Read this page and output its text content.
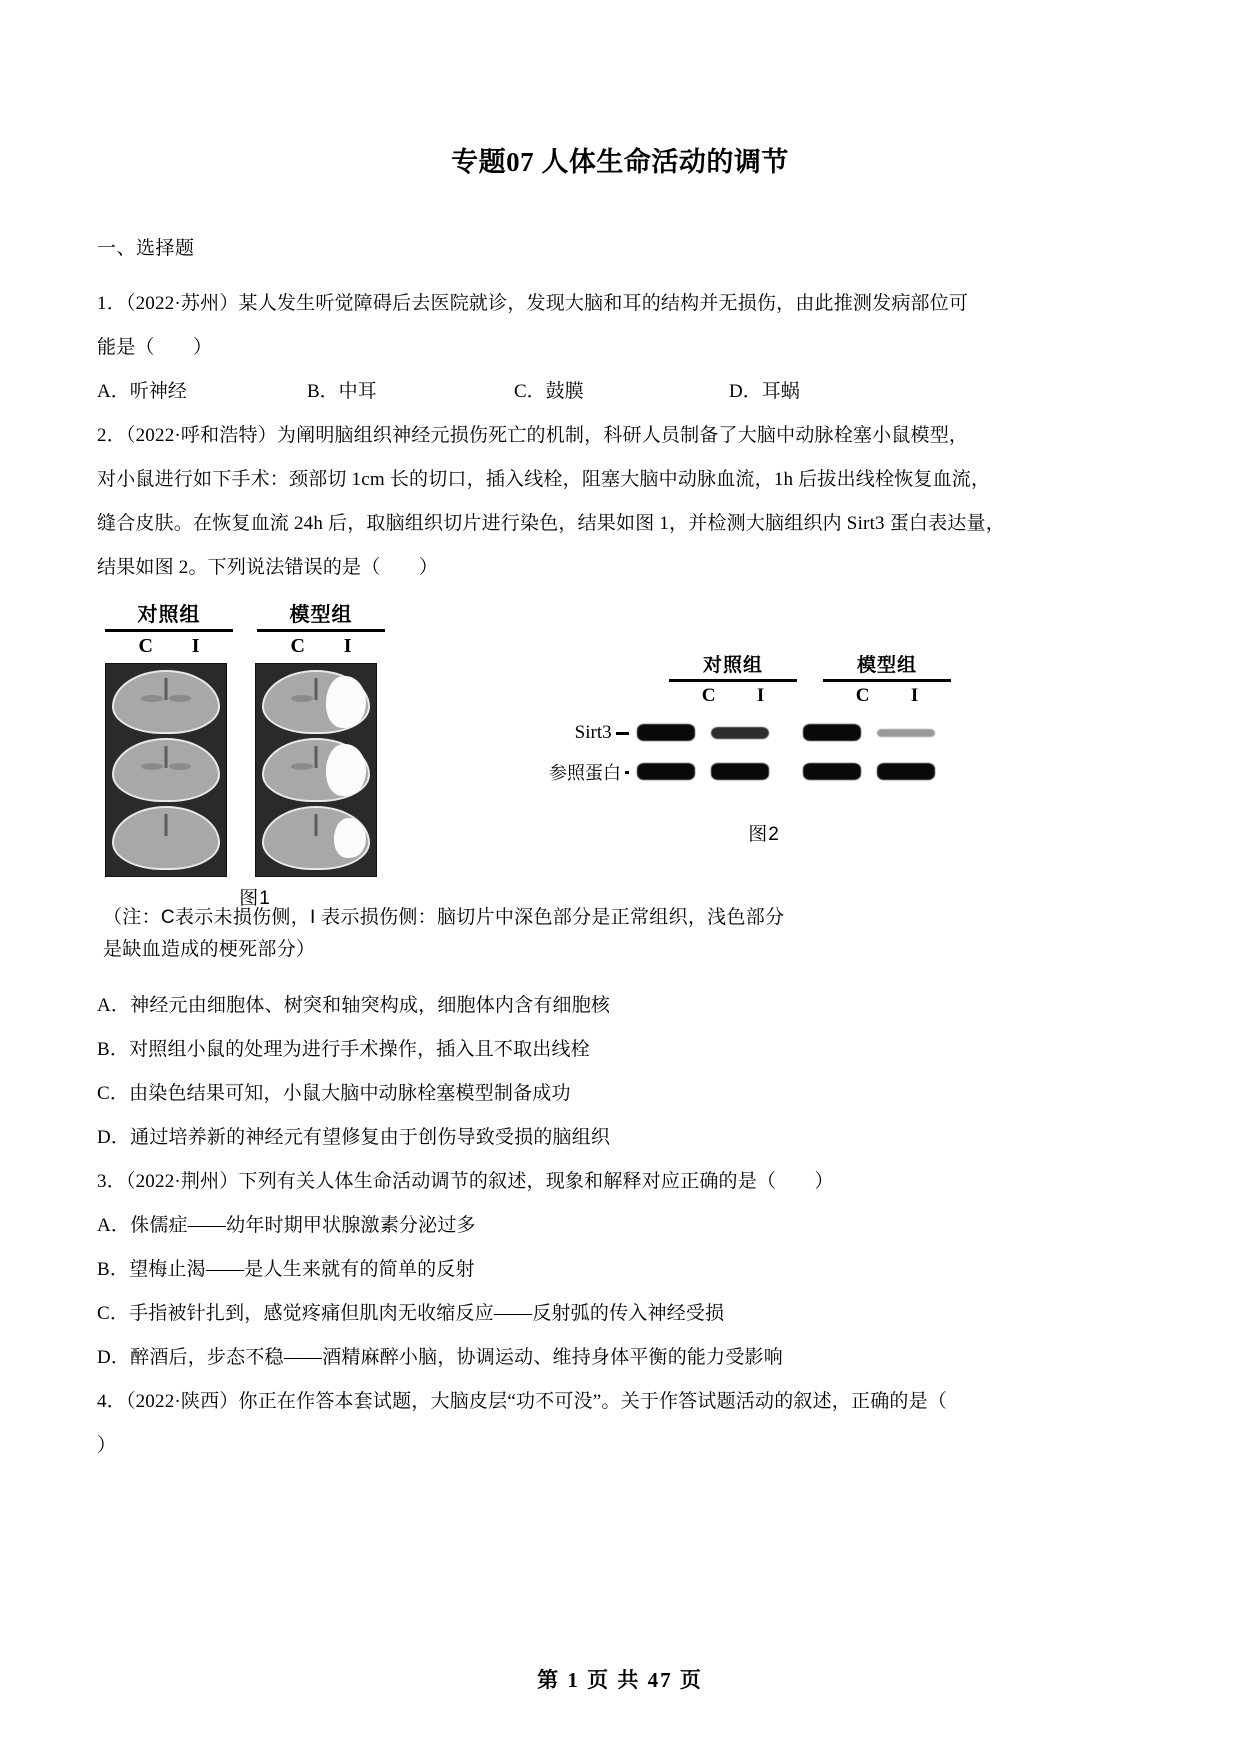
专题07 人体生命活动的调节
一、选择题

1．（2022·苏州）某人发生听觉障碍后去医院就诊，发现大脑和耳的结构并无损伤，由此推测发病部位可

能是（　　）

A．听神经	B．中耳	C．鼓膜	D．耳蜗

2．（2022·呼和浩特）为阐明脑组织神经元损伤死亡的机制，科研人员制备了大脑中动脉栓塞小鼠模型，

对小鼠进行如下手术：颈部切 1cm 长的切口，插入线栓，阻塞大脑中动脉血流，1h 后拔出线栓恢复血流，

缝合皮肤。在恢复血流 24h 后，取脑组织切片进行染色，结果如图 1，并检测大脑组织内 Sirt3 蛋白表达量，

结果如图 2。下列说法错误的是（　　）

对照组
C I
模型组
C I
图1
对照组
C I
模型组
C I
Sirt3
参照蛋白
图2
（注：C表示未损伤侧，I 表示损伤侧：脑切片中深色部分是正常组织，浅色部分
是缺血造成的梗死部分）

A．神经元由细胞体、树突和轴突构成，细胞体内含有细胞核

B．对照组小鼠的处理为进行手术操作，插入且不取出线栓

C．由染色结果可知，小鼠大脑中动脉栓塞模型制备成功

D．通过培养新的神经元有望修复由于创伤导致受损的脑组织

3．（2022·荆州）下列有关人体生命活动调节的叙述，现象和解释对应正确的是（　　）

A．侏儒症——幼年时期甲状腺激素分泌过多

B．望梅止渴——是人生来就有的简单的反射

C．手指被针扎到，感觉疼痛但肌肉无收缩反应——反射弧的传入神经受损

D．醉酒后，步态不稳——酒精麻醉小脑，协调运动、维持身体平衡的能力受影响

4．（2022·陕西）你正在作答本套试题，大脑皮层“功不可没”。关于作答试题活动的叙述，正确的是（

）

第 1 页 共 47 页
